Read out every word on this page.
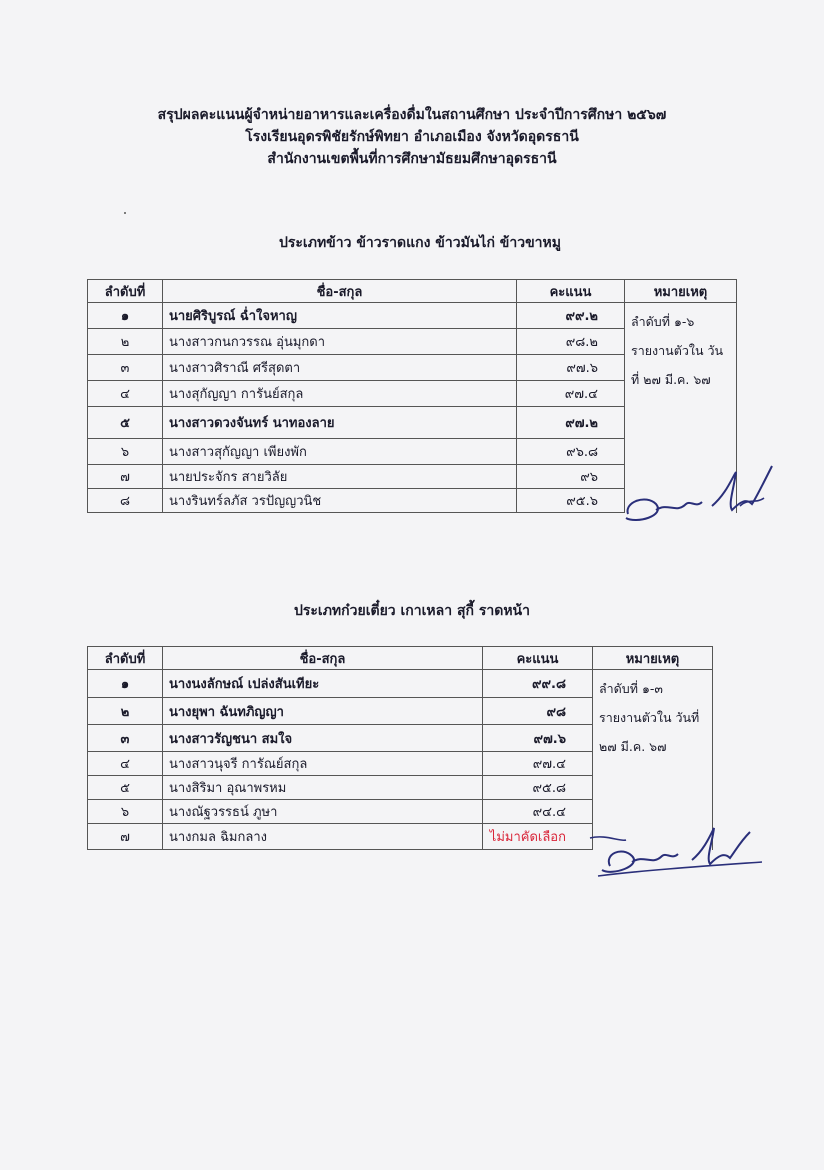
สรุปผลคะแนนผู้จำหน่ายอาหารและเครื่องดื่มในสถานศึกษา ประจำปีการศึกษา ๒๕๖๗
โรงเรียนอุดรพิชัยรักษ์พิทยา อำเภอเมือง จังหวัดอุดรธานี
สำนักงานเขตพื้นที่การศึกษามัธยมศึกษาอุดรธานี
ประเภทข้าว ข้าวราดแกง ข้าวมันไก่ ข้าวขาหมู
ลำดับที่	ชื่อ-สกุล	คะแนน	หมายเหตุ
๑	นายศิริบูรณ์ ฉ่ำใจหาญ	๙๙.๒	ลำดับที่ ๑-๖ รายงานตัวใน วันที่ ๒๗ มี.ค. ๖๗
๒	นางสาวกนกวรรณ อุ่นมุกดา	๙๘.๒	
๓	นางสาวศิราณี ศรีสุดตา	๙๗.๖	
๔	นางสุกัญญา การันย์สกุล	๙๗.๔	
๕	นางสาวดวงจันทร์ นาทองลาย	๙๗.๒	
๖	นางสาวสุกัญญา เพียงพัก	๙๖.๘	
๗	นายประจักร สายวิลัย	๙๖	
๘	นางรินทร์ลภัส วรปัญญวนิช	๙๕.๖	
ประเภทก๋วยเตี๋ยว เกาเหลา สุกี้ ราดหน้า
ลำดับที่	ชื่อ-สกุล	คะแนน	หมายเหตุ
๑	นางนงลักษณ์ เปล่งสันเทียะ	๙๙.๘	ลำดับที่ ๑-๓ รายงานตัวใน วันที่ ๒๗ มี.ค. ๖๗
๒	นางยุพา ฉันทภิญญา	๙๘	
๓	นางสาวรัญชนา สมใจ	๙๗.๖	
๔	นางสาวนุจรี การัณย์สกุล	๙๗.๔	
๕	นางสิริมา อุณาพรหม	๙๕.๘	
๖	นางณัฐวรรธน์ ภูษา	๙๔.๔	
๗	นางกมล ฉิมกลาง	ไม่มาคัดเลือก	
